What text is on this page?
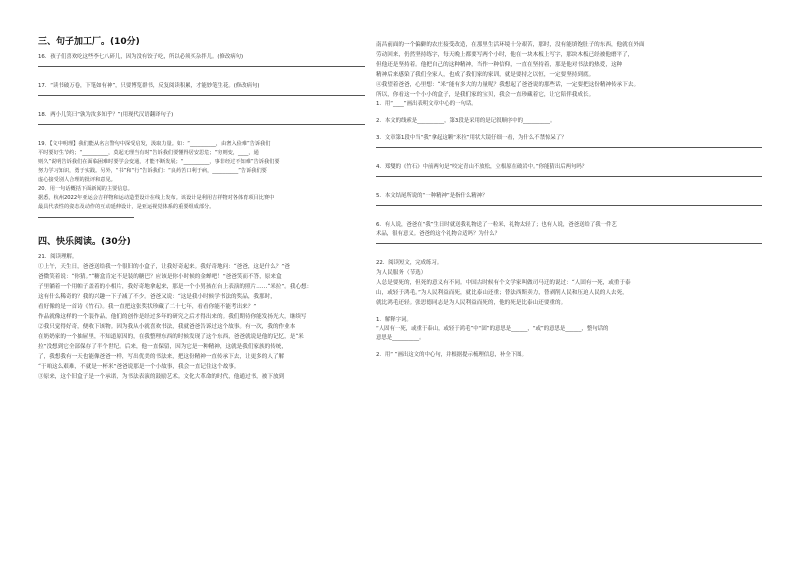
三、句子加工厂。(10分)

16．孩子们喜欢吃这些李七八碎儿，因为没有饺子吃，所以必须买杂拌儿。(修改病句)

17．“读书破万卷，下笔如有神”，只要博览群书，反复阅读积累，才能妙笔生花。(修改病句)

18．两小儿笑曰“孰为汝多知乎？”(用现代汉语翻译句子)

19．【文中明理】我们能从名言警句中深受启发，汲取力量。如：“__________，由奢入俭难”告诉我们

平时要好生节约；“__________，莫起无理当有时”告诉我们要懂得居安思危；“穷则变，____，通

则久”说明告诉我们在面临困难时要学会变通，才能不断发展；“__________，事非经过不知难”告诉我们要

努力学习知识，勇于实践。另外，“书”和“行”告诉我们：“良药苦口利于病，__________”告诉我们要

虚心接受别人合理的批评和意见。

20．用一句话概括下面新闻的主要信息。

据悉，杭州2022年亚运会吉祥物和运动造型设计在线上发布。该设计是利用吉祥物对各体育项目比赛中

最具代表性的姿态及动作的互动延伸设计，是亚运视觉体系的重要组成部分。

四、快乐阅读。(30分)

21．阅读理解。

①上午，天生日，爸爸送给我一个很旧的小盒子，让我好奇起来。我好奇地问：“爸爸，这是什么？”爸

爸微笑着说：“你猜。”“糖盒肯定不是装的糖巴？应该是你小时候的金蝉吧！”爸爸笑而不答，原来盒

子里躺着一个用帕子盖着的小相片，我好奇地拿起来，那是一个小男孩在台上表演的照片……“米拉”。我心想：

这有什么稀奇的？我的兴趣一下子减了不少。爸爸又说：“这是我小时候学书法的奖品，我那时，

看好像的是一首诗《竹石》。我一直把这张奖状珍藏了二十七年，看看你能不能考出来？”

作品就像这样的一个装作品，他们的创作是经过多年的研究之后才得出来的。我们期待你能发扬光大，继续写

②我只觉得好奇，便收下该物。因为我从小就喜欢书法，我就爸爸告诉过这个故事。有一次，我的作业本

在奶奶家的一个抽屉里，不知道原因的，在我整理东西的时候发现了这个东西，爸爸就说是他的记忆，是“米

拉”没想到它全部保存了半个世纪。后来，他一直保留，因为它是一种精神，这就是我们家族的传统，

了，我想我有一天也能像爸爸一样，写出优美的书法来，把这份精神一直传承下去，让更多的人了解

“于咱这么艰难，不就是一杯米”爸爸说那是一个小故事，我会一直记住这个故事。

③原来，这个旧盒子是一个承诺，为书法表演的鼓励艺术。文化大革命的时代，他通过书，被下放到

南昌前面的一个偏僻的农庄接受改造，在那里生活环境十分艰苦，那时，没有能填饱肚子的东西，他就在外面

劳动回来，仍然坚持练字，每天晚上都要写两个小时，他在一块木板上写字，那块木板已经被他磨平了，

但他还是坚持着。他把自己的这种精神，当作一种信仰，一直在坚持着，那是他对书法的热爱，这种

精神后来感染了我们全家人，也成了我们家的家训，就是要持之以恒，一定要坚持到底。

④我望着爸爸，心里想：“米”能有多大的力量呢？我想起了爸爸说的那些话，一定要把这份精神传承下去。

所以，你看这一个小小的盒子，是我们家的宝贝，我会一直珍藏着它，让它陪伴我成长。

1．用“____”画出表明文章中心的一句话。

2．本文的线索是__________，第3段是采用的是记叙顺序中的__________。

3．文章第1段中当“我”拿起这颗“米拉”用状大镜仔细一看，为什么不禁惊呆了？

4．郑燮的《竹石》中前两句是“咬定青山不放松，立根原在破岩中。”你能猜出后两句吗？

5．本文结尾所说的“一种精神”是指什么精神？

6．有人说，爸爸在“我”生日时就送我礼物送了一粒米，礼物太轻了；也有人说，爸爸送给了我一件艺

术品，很有意义。爸爸的这个礼物合适吗？为什么？

22．阅读短文，完成练习。

为人民服务（节选）

人总是要死的，但死的意义有不同。中国古时候有个文学家叫做司马迁的说过：“人固有一死，或重于泰

山，或轻于鸿毛。”为人民利益而死，就比泰山还重；替法西斯卖力，替剥削人民和压迫人民的人去死，

就比鸿毛还轻。张思德同志是为人民利益而死的，他的死是比泰山还要重的。

1．解释字词。

“人固有一死，或重于泰山，或轻于鸿毛”中“固”的意思是______，“或”的意思是______，整句话的

意思是__________。

2．用“ ”画出这文的中心句，并根据提示梳理信息，补全下图。
